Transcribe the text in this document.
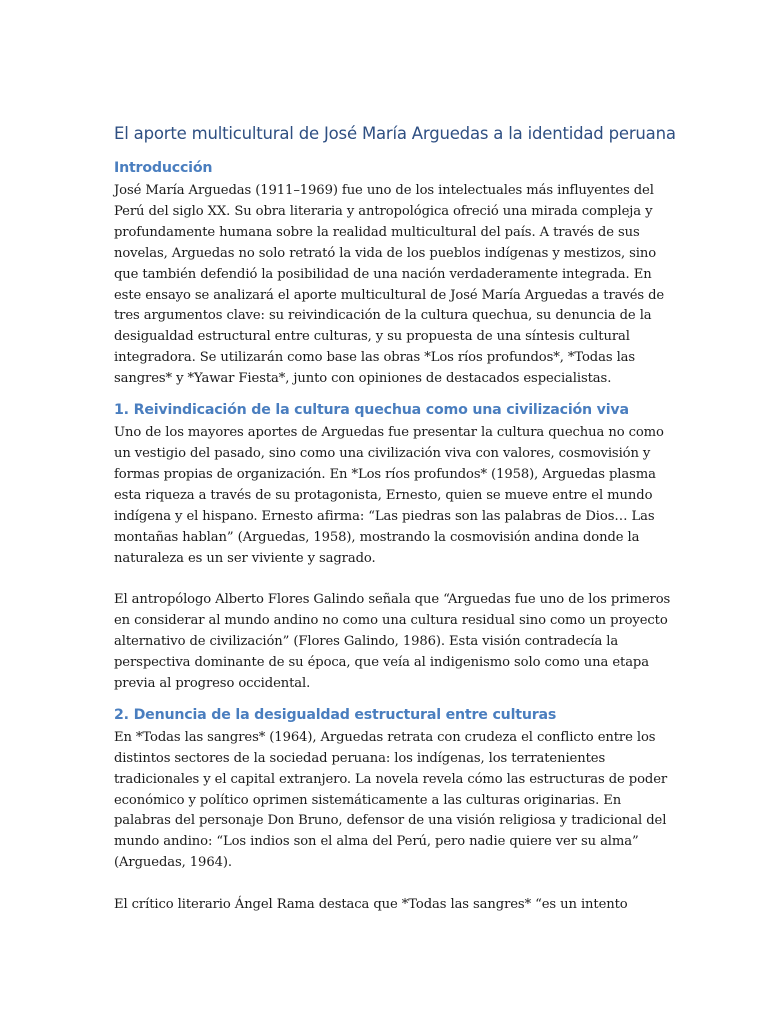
El aporte multicultural de José María Arguedas a la identidad peruana
Introducción

José María Arguedas (1911–1969) fue uno de los intelectuales más influyentes del
Perú del siglo XX. Su obra literaria y antropológica ofreció una mirada compleja y
profundamente humana sobre la realidad multicultural del país. A través de sus
novelas, Arguedas no solo retrató la vida de los pueblos indígenas y mestizos, sino
que también defendió la posibilidad de una nación verdaderamente integrada. En
este ensayo se analizará el aporte multicultural de José María Arguedas a través de
tres argumentos clave: su reivindicación de la cultura quechua, su denuncia de la
desigualdad estructural entre culturas, y su propuesta de una síntesis cultural
integradora. Se utilizarán como base las obras *Los ríos profundos*, *Todas las
sangres* y *Yawar Fiesta*, junto con opiniones de destacados especialistas.

1. Reivindicación de la cultura quechua como una civilización viva

Uno de los mayores aportes de Arguedas fue presentar la cultura quechua no como
un vestigio del pasado, sino como una civilización viva con valores, cosmovisión y
formas propias de organización. En *Los ríos profundos* (1958), Arguedas plasma
esta riqueza a través de su protagonista, Ernesto, quien se mueve entre el mundo
indígena y el hispano. Ernesto afirma: “Las piedras son las palabras de Dios… Las
montañas hablan” (Arguedas, 1958), mostrando la cosmovisión andina donde la
naturaleza es un ser viviente y sagrado.

El antropólogo Alberto Flores Galindo señala que “Arguedas fue uno de los primeros
en considerar al mundo andino no como una cultura residual sino como un proyecto
alternativo de civilización” (Flores Galindo, 1986). Esta visión contradecía la
perspectiva dominante de su época, que veía al indigenismo solo como una etapa
previa al progreso occidental.

2. Denuncia de la desigualdad estructural entre culturas

En *Todas las sangres* (1964), Arguedas retrata con crudeza el conflicto entre los
distintos sectores de la sociedad peruana: los indígenas, los terratenientes
tradicionales y el capital extranjero. La novela revela cómo las estructuras de poder
económico y político oprimen sistemáticamente a las culturas originarias. En
palabras del personaje Don Bruno, defensor de una visión religiosa y tradicional del
mundo andino: “Los indios son el alma del Perú, pero nadie quiere ver su alma”
(Arguedas, 1964).

El crítico literario Ángel Rama destaca que *Todas las sangres* “es un intento
